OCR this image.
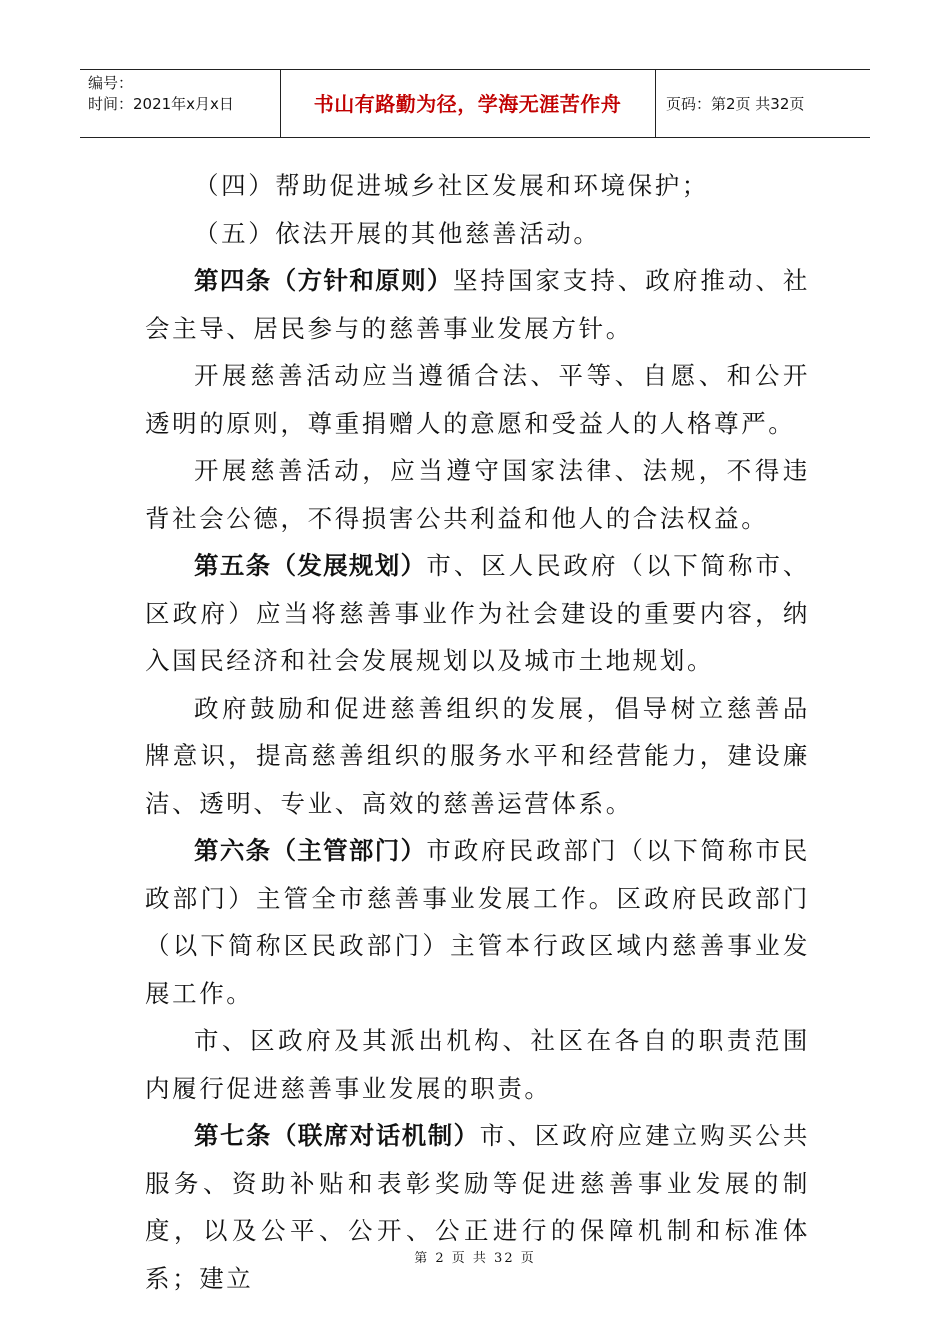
编号：
时间：2021年x月x日	书山有路勤为径，学海无涯苦作舟	页码：第2页 共32页

（四）帮助促进城乡社区发展和环境保护；

（五）依法开展的其他慈善活动。

第四条（方针和原则）坚持国家支持、政府推动、社会主导、居民参与的慈善事业发展方针。

开展慈善活动应当遵循合法、平等、自愿、和公开透明的原则，尊重捐赠人的意愿和受益人的人格尊严。

开展慈善活动，应当遵守国家法律、法规，不得违背社会公德，不得损害公共利益和他人的合法权益。

第五条（发展规划）市、区人民政府（以下简称市、区政府）应当将慈善事业作为社会建设的重要内容，纳入国民经济和社会发展规划以及城市土地规划。

政府鼓励和促进慈善组织的发展，倡导树立慈善品牌意识，提高慈善组织的服务水平和经营能力，建设廉洁、透明、专业、高效的慈善运营体系。

第六条（主管部门）市政府民政部门（以下简称市民政部门）主管全市慈善事业发展工作。区政府民政部门（以下简称区民政部门）主管本行政区域内慈善事业发展工作。

市、区政府及其派出机构、社区在各自的职责范围内履行促进慈善事业发展的职责。

第七条（联席对话机制）市、区政府应建立购买公共服务、资助补贴和表彰奖励等促进慈善事业发展的制度，以及公平、公开、公正进行的保障机制和标准体系；建立

第 2 页 共 32 页
